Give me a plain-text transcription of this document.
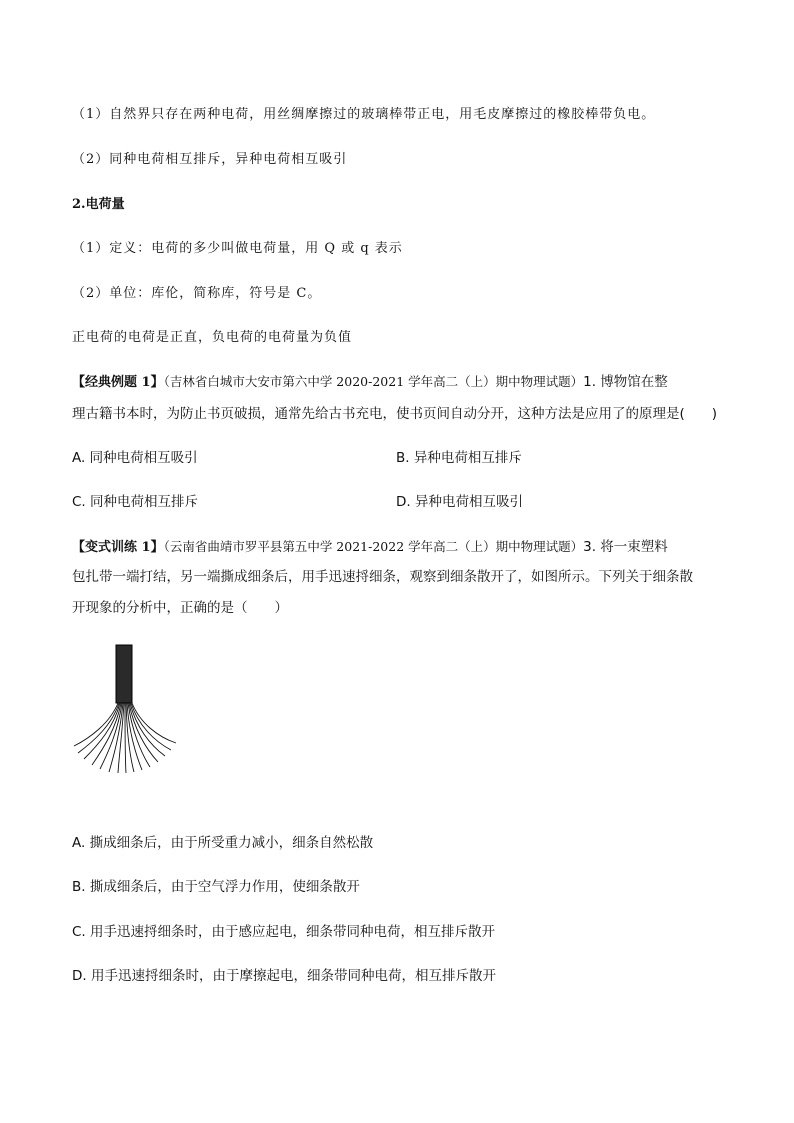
（1）自然界只存在两种电荷，用丝绸摩擦过的玻璃棒带正电，用毛皮摩擦过的橡胶棒带负电。
（2）同种电荷相互排斥，异种电荷相互吸引
2.电荷量
（1）定义：电荷的多少叫做电荷量，用 Q 或 q 表示
（2）单位：库伦，简称库，符号是 C。
正电荷的电荷是正直，负电荷的电荷量为负值
【经典例题 1】（吉林省白城市大安市第六中学 2020-2021 学年高二（上）期中物理试题）1. 博物馆在整
理古籍书本时，为防止书页破损，通常先给古书充电，使书页间自动分开，这种方法是应用了的原理是(　　)
A. 同种电荷相互吸引	B. 异种电荷相互排斥
C. 同种电荷相互排斥	D. 异种电荷相互吸引
【变式训练 1】（云南省曲靖市罗平县第五中学 2021-2022 学年高二（上）期中物理试题）3. 将一束塑料
包扎带一端打结，另一端撕成细条后，用手迅速捋细条，观察到细条散开了，如图所示。下列关于细条散
开现象的分析中，正确的是（　　）
A. 撕成细条后，由于所受重力减小，细条自然松散
B. 撕成细条后，由于空气浮力作用，使细条散开
C. 用手迅速捋细条时，由于感应起电，细条带同种电荷，相互排斥散开
D. 用手迅速捋细条时，由于摩擦起电，细条带同种电荷，相互排斥散开
